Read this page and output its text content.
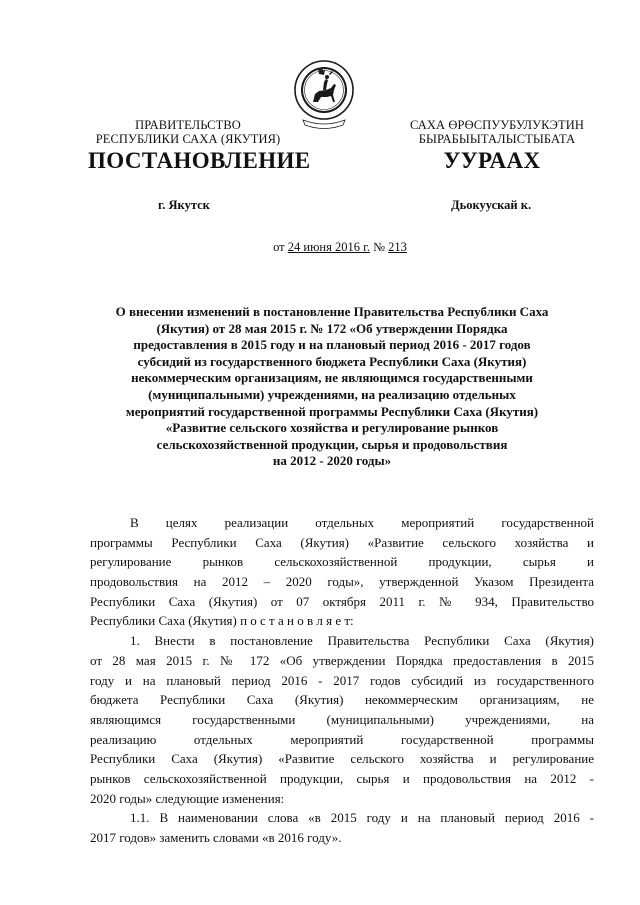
ПРАВИТЕЛЬСТВО
РЕСПУБЛИКИ САХА (ЯКУТИЯ)
САХА ӨРӨСПУУБУЛУКЭТИН
БЫРАБЫЫТАЛЫСТЫБАТА
ПОСТАНОВЛЕНИЕ	УУРААХ
г. Якутск	Дьокуускай к.
от 24 июня 2016 г. № 213
О внесении изменений в постановление Правительства Республики Саха
(Якутия) от 28 мая 2015 г. № 172 «Об утверждении Порядка
предоставления в 2015 году и на плановый период 2016 - 2017 годов
субсидий из государственного бюджета Республики Саха (Якутия)
некоммерческим организациям, не являющимся государственными
(муниципальными) учреждениями, на реализацию отдельных
мероприятий государственной программы Республики Саха (Якутия)
«Развитие сельского хозяйства и регулирование рынков
сельскохозяйственной продукции, сырья и продовольствия
на 2012 - 2020 годы»
В целях реализации отдельных мероприятий государственной
программы Республики Саха (Якутия) «Развитие сельского хозяйства и
регулирование рынков сельскохозяйственной продукции, сырья и
продовольствия на 2012 – 2020 годы», утвержденной Указом Президента
Республики Саха (Якутия) от 07 октября 2011 г. № 934, Правительство
Республики Саха (Якутия) п о с т а н о в л я е т:
1. Внести в постановление Правительства Республики Саха (Якутия)
от 28 мая 2015 г. № 172 «Об утверждении Порядка предоставления в 2015
году и на плановый период 2016 - 2017 годов субсидий из государственного
бюджета Республики Саха (Якутия) некоммерческим организациям, не
являющимся государственными (муниципальными) учреждениями, на
реализацию отдельных мероприятий государственной программы
Республики Саха (Якутия) «Развитие сельского хозяйства и регулирование
рынков сельскохозяйственной продукции, сырья и продовольствия на 2012 -
2020 годы» следующие изменения:
1.1. В наименовании слова «в 2015 году и на плановый период 2016 -
2017 годов» заменить словами «в 2016 году».
